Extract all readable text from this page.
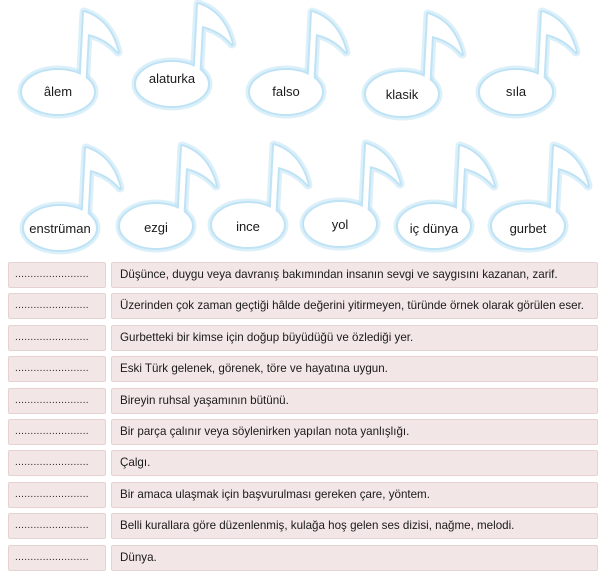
âlem
alaturka
falso	klasik	sıla
enstrüman	ezgi	ince	yol	iç dünya	gurbet
........................	Düşünce, duygu veya davranış bakımından insanın sevgi ve saygısını kazanan, zarif.
........................	Üzerinden çok zaman geçtiği hâlde değerini yitirmeyen, türünde örnek olarak görülen eser.
........................	Gurbetteki bir kimse için doğup büyüdüğü ve özlediği yer.
........................	Eski Türk gelenek, görenek, töre ve hayatına uygun.
........................	Bireyin ruhsal yaşamının bütünü.
........................	Bir parça çalınır veya söylenirken yapılan nota yanlışlığı.
........................	Çalgı.
........................	Bir amaca ulaşmak için başvurulması gereken çare, yöntem.
........................	Belli kurallara göre düzenlenmiş, kulağa hoş gelen ses dizisi, nağme, melodi.
........................	Dünya.
